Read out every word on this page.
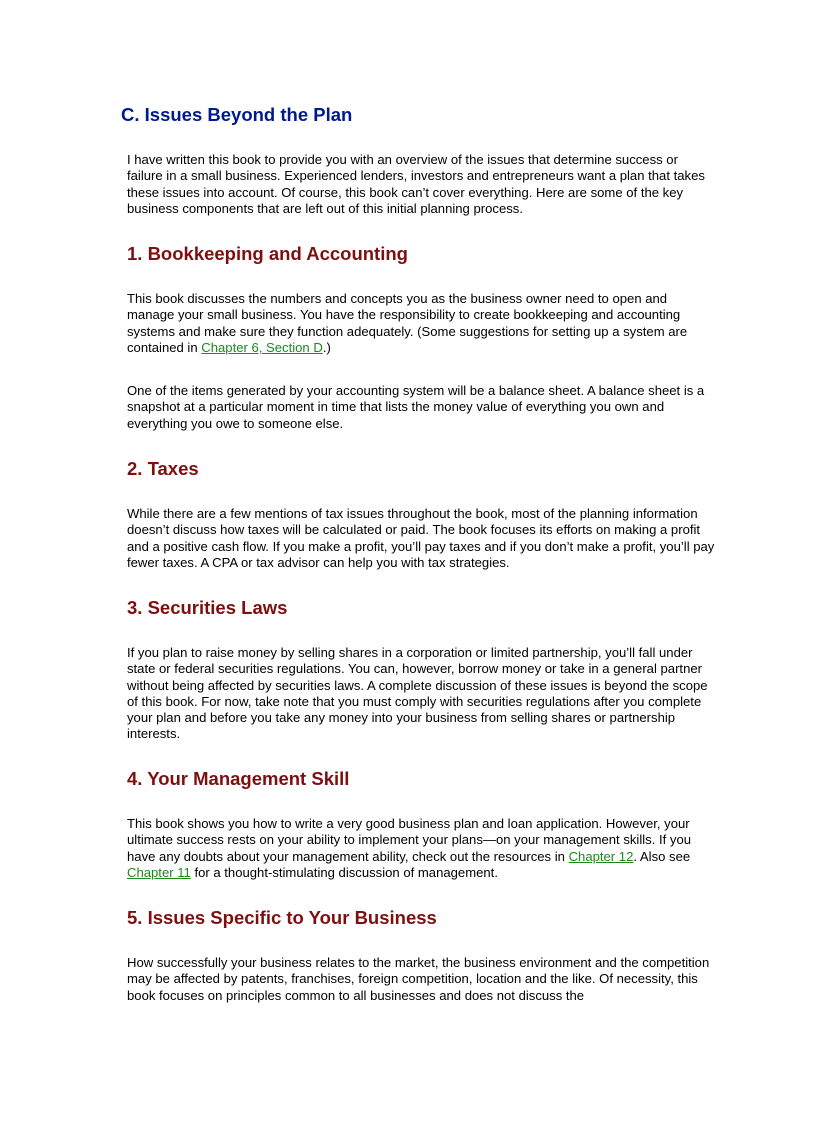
C. Issues Beyond the Plan

I have written this book to provide you with an overview of the issues that determine success or failure in a small business. Experienced lenders, investors and entrepreneurs want a plan that takes these issues into account. Of course, this book can’t cover everything. Here are some of the key business components that are left out of this initial planning process.

1. Bookkeeping and Accounting

This book discusses the numbers and concepts you as the business owner need to open and manage your small business. You have the responsibility to create bookkeeping and accounting systems and make sure they function adequately. (Some suggestions for setting up a system are contained in Chapter 6, Section D.)

One of the items generated by your accounting system will be a balance sheet. A balance sheet is a snapshot at a particular moment in time that lists the money value of everything you own and everything you owe to someone else.

2. Taxes

While there are a few mentions of tax issues throughout the book, most of the planning information doesn’t discuss how taxes will be calculated or paid. The book focuses its efforts on making a profit and a positive cash flow. If you make a profit, you’ll pay taxes and if you don’t make a profit, you’ll pay fewer taxes. A CPA or tax advisor can help you with tax strategies.

3. Securities Laws

If you plan to raise money by selling shares in a corporation or limited partnership, you’ll fall under state or federal securities regulations. You can, however, borrow money or take in a general partner without being affected by securities laws. A complete discussion of these issues is beyond the scope of this book. For now, take note that you must comply with securities regulations after you complete your plan and before you take any money into your business from selling shares or partnership interests.

4. Your Management Skill

This book shows you how to write a very good business plan and loan application. However, your ultimate success rests on your ability to implement your plans—on your management skills. If you have any doubts about your management ability, check out the resources in Chapter 12. Also see Chapter 11 for a thought-stimulating discussion of management.

5. Issues Specific to Your Business

How successfully your business relates to the market, the business environment and the competition may be affected by patents, franchises, foreign competition, location and the like. Of necessity, this book focuses on principles common to all businesses and does not discuss the
